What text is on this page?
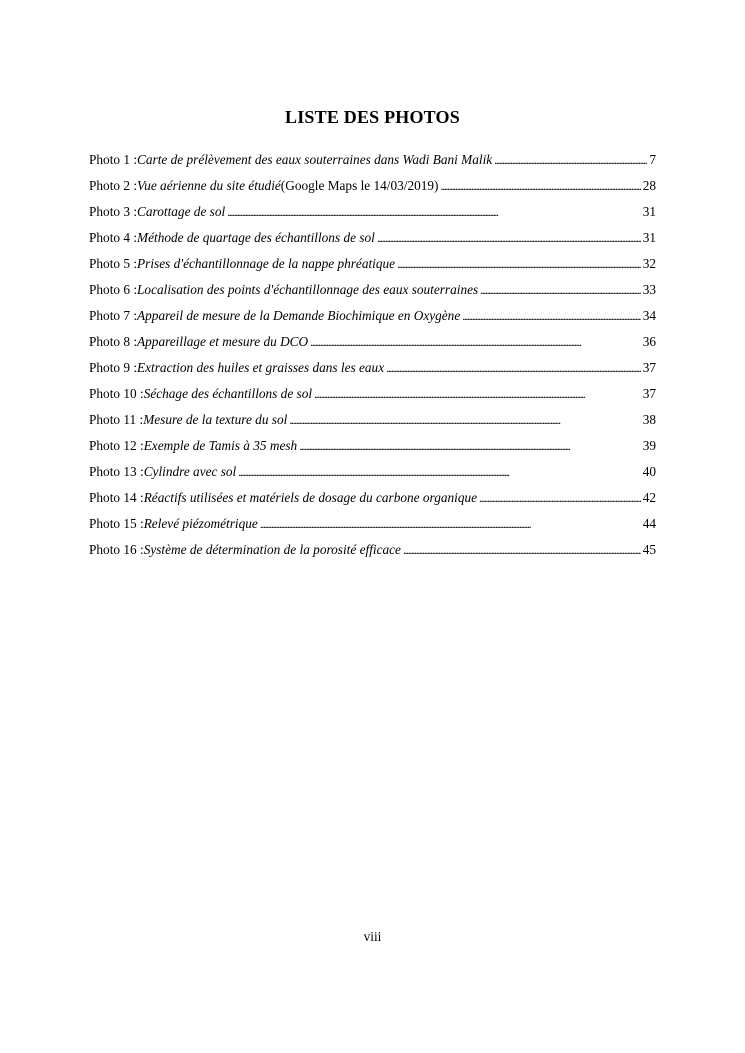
LISTE DES PHOTOS
Photo 1 : Carte de prélèvement des eaux souterraines dans Wadi Bani Malik . . .	7
Photo 2 : Vue aérienne du site étudié (Google Maps le 14/03/2019) . . .	28
Photo 3 : Carottage de sol . . .	31
Photo 4 : Méthode de quartage des échantillons de sol . . .	31
Photo 5 : Prises d'échantillonnage de la nappe phréatique . . .	32
Photo 6 : Localisation des points d'échantillonnage des eaux souterraines . . .	33
Photo 7 : Appareil de mesure de la Demande Biochimique en Oxygène . . .	34
Photo 8 : Appareillage et mesure du DCO . . .	36
Photo 9 : Extraction des huiles et graisses dans les eaux . . .	37
Photo 10 : Séchage des échantillons de sol . . .	37
Photo 11 : Mesure de la texture du sol . . .	38
Photo 12 : Exemple de Tamis à 35 mesh . . .	39
Photo 13 : Cylindre avec sol . . .	40
Photo 14 : Réactifs utilisées et matériels de dosage du carbone organique . . .	42
Photo 15 : Relevé piézométrique . . .	44
Photo 16 : Système de détermination de la porosité efficace . . .	45
viii
